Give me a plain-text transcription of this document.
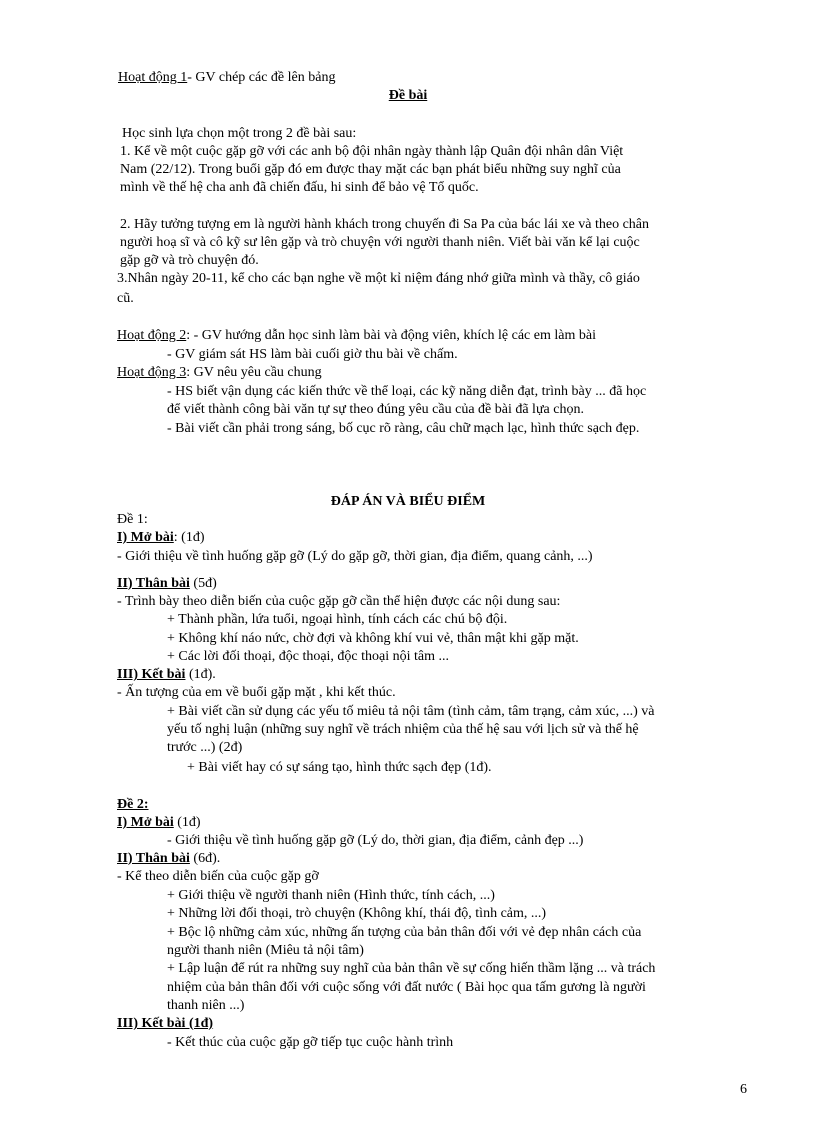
Hoạt động 1- GV chép các đề lên bảng
Đề bài
Học sinh lựa chọn một trong 2 đề bài sau:
1. Kể về một cuộc gặp gỡ với các anh bộ đội nhân ngày thành lập Quân đội nhân dân Việt
Nam (22/12). Trong buổi gặp đó em được thay mặt các bạn phát biểu những suy nghĩ của
mình về thế hệ cha anh đã chiến đấu, hi sinh để bảo vệ Tổ quốc.
2. Hãy tưởng tượng em là người hành khách trong chuyến đi Sa Pa của bác lái xe và theo chân
người hoạ sĩ và cô kỹ sư lên gặp và trò chuyện với người thanh niên. Viết bài văn kể lại cuộc
gặp gỡ và trò chuyện đó.
3.Nhân ngày 20-11, kể cho các bạn nghe về một kỉ niệm đáng nhớ giữa mình và thầy, cô giáo
cũ.
Hoạt động 2: - GV hướng dẫn học sinh làm bài và động viên, khích lệ các em làm bài
- GV giám sát HS làm bài cuối giờ thu bài về chấm.
Hoạt động 3: GV nêu yêu cầu chung
- HS biết vận dụng các kiến thức về thể loại, các kỹ năng diễn đạt, trình bày ... đã học
để viết thành công bài văn tự sự theo đúng yêu cầu của đề bài đã lựa chọn.
- Bài viết cần phải trong sáng, bố cục rõ ràng, câu chữ mạch lạc, hình thức sạch đẹp.
ĐÁP ÁN VÀ BIỂU ĐIỂM
Đề 1:
I) Mở bài: (1đ)
- Giới thiệu về tình huống gặp gỡ (Lý do gặp gỡ, thời gian, địa điểm, quang cảnh, ...)
II) Thân bài (5đ)
- Trình bày theo diễn biến của cuộc gặp gỡ cần thể hiện được các nội dung sau:
+ Thành phần, lứa tuổi, ngoại hình, tính cách các chú bộ đội.
+ Không khí náo nức, chờ đợi và không khí vui vẻ, thân mật khi gặp mặt.
+ Các lời đối thoại, độc thoại, độc thoại nội tâm ...
III) Kết bài (1đ).
- Ấn tượng của em về buổi gặp mặt , khi kết thúc.
+ Bài viết cần sử dụng các yếu tố miêu tả nội tâm (tình cảm, tâm trạng, cảm xúc, ...) và
yếu tố nghị luận (những suy nghĩ về trách nhiệm của thế hệ sau với lịch sử và thế hệ
trước ...) (2đ)
+ Bài viết hay có sự sáng tạo, hình thức sạch đẹp (1đ).
Đề 2:
I) Mở bài (1đ)
- Giới thiệu về tình huống gặp gỡ (Lý do, thời gian, địa điểm, cảnh đẹp ...)
II) Thân bài (6đ).
- Kể theo diễn biến của cuộc gặp gỡ
+ Giới thiệu về người thanh niên (Hình thức, tính cách, ...)
+ Những lời đối thoại, trò chuyện (Không khí, thái độ, tình cảm, ...)
+ Bộc lộ những cảm xúc, những ấn tượng của bản thân đối với vẻ đẹp nhân cách của
người thanh niên (Miêu tả nội tâm)
+ Lập luận để rút ra những suy nghĩ của bản thân về sự cống hiến thầm lặng ... và trách
nhiệm của bản thân đối với cuộc sống với đất nước ( Bài học qua tấm gương là người
thanh niên ...)
III) Kết bài (1đ)
- Kết thúc của cuộc gặp gỡ tiếp tục cuộc hành trình
6
